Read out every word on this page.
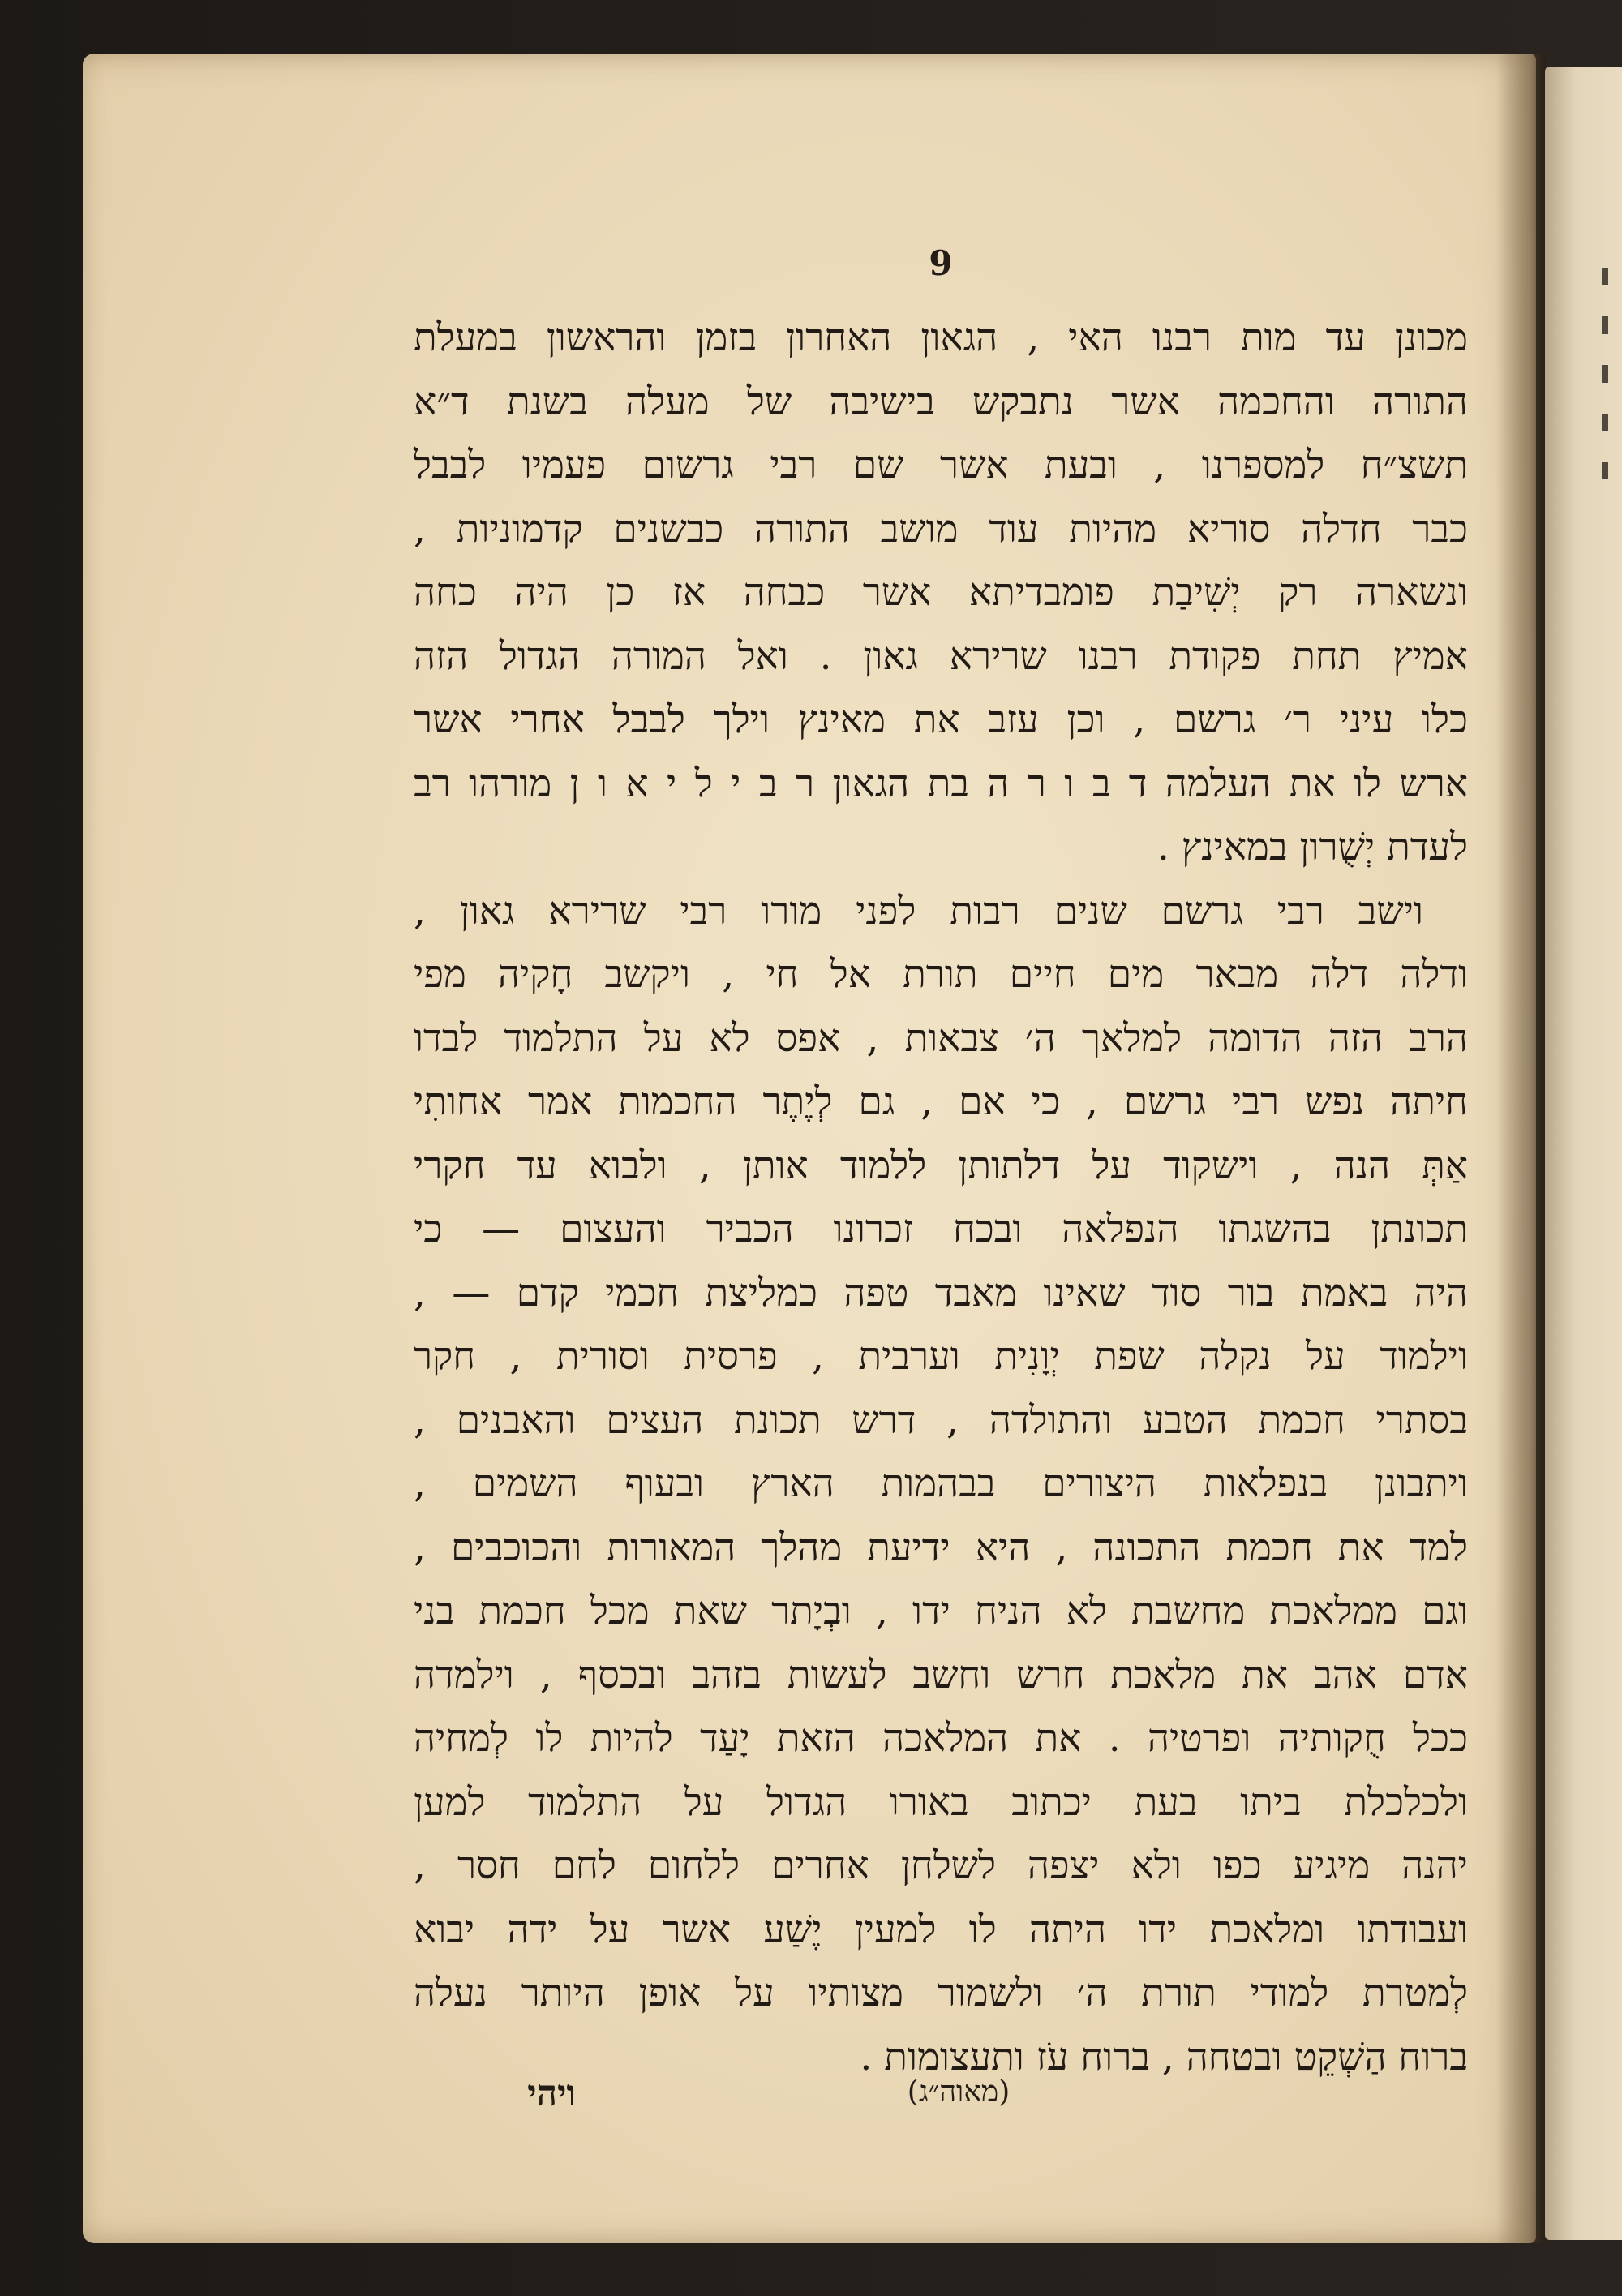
9
מכונן עד מות רבנו האי , הגאון האחרון בזמן והראשון במעלת
התורה והחכמה אשר נתבקש בישיבה של מעלה בשנת ד״א
תשצ״ח למספרנו , ובעת אשר שם רבי גרשום פעמיו לבבל
כבר חדלה סוריא מהיות עוד מושב התורה כבשנים קדמוניות ,
ונשארה רק יְשִׁיבַת פומבדיתא אשר כבחה אז כן היה כחה
אמיץ תחת פקודת רבנו שרירא גאון . ואל המורה הגדול הזה
כלו עיני ר׳ גרשם , וכן עזב את מאינץ וילך לבבל אחרי אשר
ארש לו את העלמה ד ב ו ר ה בת הגאון ר ב י ל י א ו ן מורהו רב
לעדת יְשֻׁרון במאינץ .
וישב רבי גרשם שנים רבות לפני מורו רבי שרירא גאון ,
ודלה דלה מבאר מים חיים תורת אל חי , ויקשב חָקיה מפי
הרב הזה הדומה למלאך ה׳ צבאות , אפס לא על התלמוד לבדו
חיתה נפש רבי גרשם , כי אם , גם לְיֶתֶר החכמות אמר אחותִי
אַתְּ הנה , וישקוד על דלתותן ללמוד אותן , ולבוא עד חקרי
תכונתן בהשגתו הנפלאה ובכח זכרונו הכביר והעצום — כי
היה באמת בור סוד שאינו מאבד טפה כמליצת חכמי קדם — ,
וילמוד על נקלה שפת יְוָנִית וערבית , פרסית וסורית , חקר
בסתרי חכמת הטבע והתולדה , דרש תכונת העצים והאבנים ,
ויתבונן בנפלאות היצורים בבהמות הארץ ובעוף השמים ,
למד את חכמת התכונה , היא ידיעת מהלך המאורות והכוכבים ,
וגם ממלאכת מחשבת לא הניח ידו , ובְיָתר שאת מכל חכמת בני
אדם אהב את מלאכת חרש וחשב לעשות בזהב ובכסף , וילמדה
ככל חֻקותיה ופרטיה . את המלאכה הזאת יָעַד להיות לו לְמחיה
ולכלכלת ביתו בעת יכתוב באורו הגדול על התלמוד למען
יהנה מיגיע כפו ולא יצפה לשלחן אחרים ללחום לחם חסר ,
ועבודתו ומלאכת ידו היתה לו למעין יֶשַׁע אשר על ידה יבוא
לְמטרת למודי תורת ה׳ ולשמור מצותיו על אופן היותר נעלה
ברוח הַשְׁקֵט ובטחה , ברוח עֹז ותעצומות .
(מאוה״ג)
ויהי
